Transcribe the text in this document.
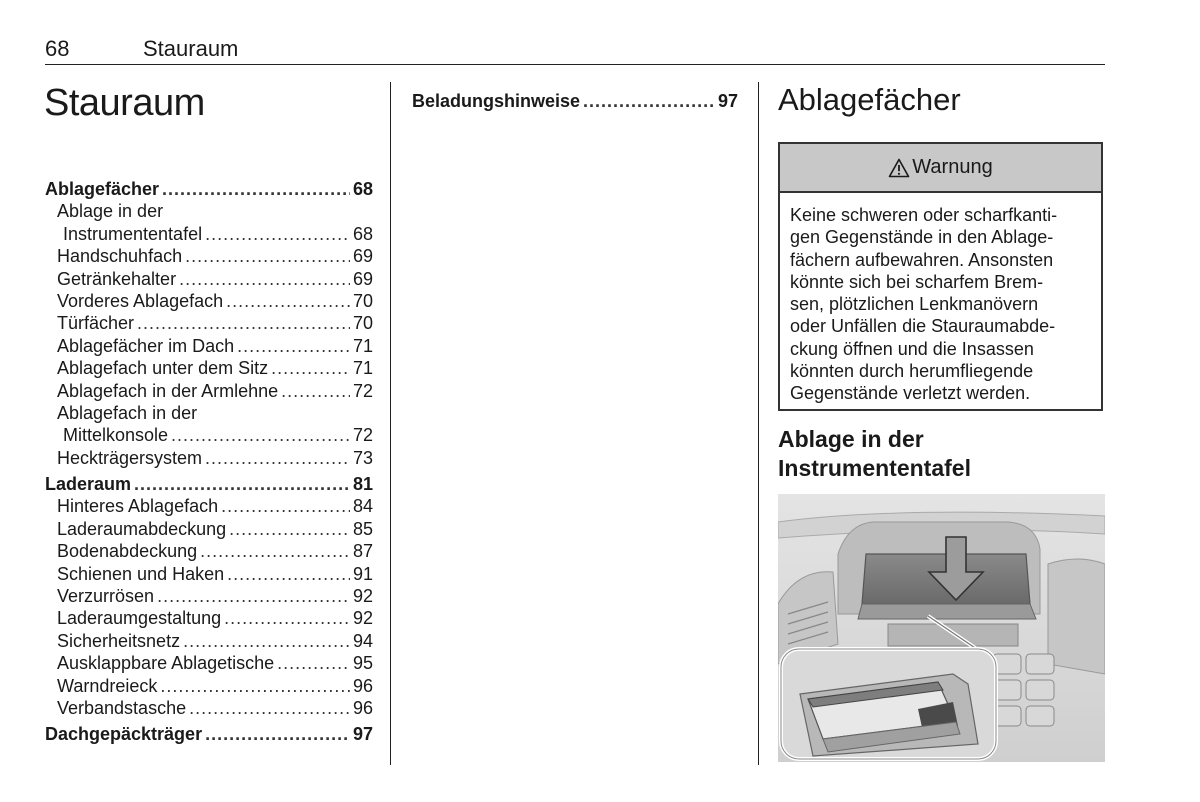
68	Stauraum
Stauraum
Ablagefächer .....	68
Ablage in der
Instrumententafel .....	68
Handschuhfach .....	69
Getränkehalter .....	69
Vorderes Ablagefach .....	70
Türfächer .....	70
Ablagefächer im Dach .....	71
Ablagefach unter dem Sitz .....	71
Ablagefach in der Armlehne .....	72
Ablagefach in der
Mittelkonsole .....	72
Heckträgersystem .....	73
Laderaum .....	81
Hinteres Ablagefach .....	84
Laderaumabdeckung .....	85
Bodenabdeckung .....	87
Schienen und Haken .....	91
Verzurrösen .....	92
Laderaumgestaltung .....	92
Sicherheitsnetz .....	94
Ausklappbare Ablagetische .....	95
Warndreieck .....	96
Verbandstasche .....	96
Dachgepäckträger .....	97
Beladungshinweise .....	97 Ablagefächer
Warnung
Keine schweren oder scharfkanti-
gen Gegenstände in den Ablage-
fächern aufbewahren. Ansonsten
könnte sich bei scharfem Brem-
sen, plötzlichen Lenkmanövern
oder Unfällen die Stauraumabde-
ckung öffnen und die Insassen
könnten durch herumfliegende
Gegenstände verletzt werden.
Ablage in der
Instrumententafel
